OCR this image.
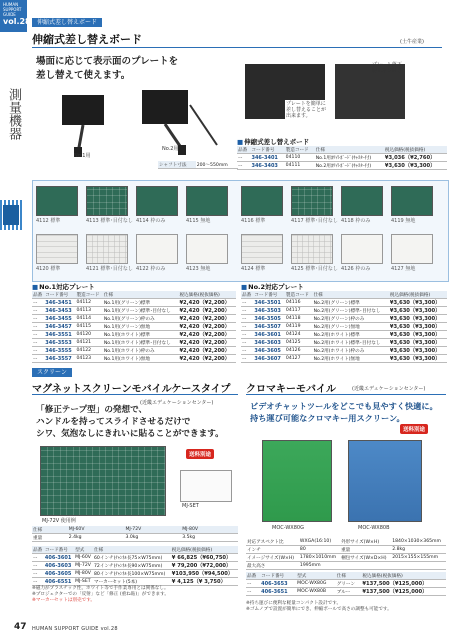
HUMAN
SUPPORT
GUIDE
vol.28
測量機器
伸縮式差し替えボード
伸縮式差し替えボード	(土牛産業)
場面に応じて表示面のプレートを
差し替えて使えます。
No.1用
No.2用
プレート落下
防止ネジ付き
プレートを簡単に
差し替えることが
出来ます。
シャフト寸法	200～550mm
■ 伸縮式差し替えボード
品番	コード番号	製造コード	仕様	税込価格(税抜価格)
ー	346-3401	04110	No.1用ﾎﾜｲﾄﾎﾞｰﾄﾞ(ｷｬｽﾀｰ付)	¥3,036（¥2,760）
ー	346-3403	04111	No.2用ﾎﾜｲﾄﾎﾞｰﾄﾞ(ｷｬｽﾀｰ付)	¥3,630（¥3,300）
4112 標準	4113 標準･目付なし 4114 枠のみ	4115 無地	4116 標準	4117 標準･目付なし 4118 枠のみ	4119 無地
4120 標準	4121 標準･目付なし 4122 枠のみ	4123 無地	4124 標準	4125 標準･目付なし 4126 枠のみ	4127 無地
■ No.1対応プレート
品番	コード番号	製造コード	仕様	税込価格(税抜価格)
ー	346-3451	04112	No.1用(グリーン)標準	¥2,420（¥2,200）
ー	346-3453	04113	No.1用(グリーン)標準･目付なし	¥2,420（¥2,200）
ー	346-3455	04114	No.1用(グリーン)枠のみ	¥2,420（¥2,200）
ー	346-3457	04115	No.1用(グリーン)無地	¥2,420（¥2,200）
ー	346-3551	04120	No.1用(ホワイト)標準	¥2,420（¥2,200）
ー	346-3553	04121	No.1用(ホワイト)標準･目付なし	¥2,420（¥2,200）
ー	346-3555	04122	No.1用(ホワイト)枠のみ	¥2,420（¥2,200）
ー	346-3557	04123	No.1用(ホワイト)無地	¥2,420（¥2,200）
■ No.2対応プレート
品番	コード番号	製造コード	仕様	税込価格(税抜価格)
ー	346-3501	04116	No.2用(グリーン)標準	¥3,630（¥3,300）
ー	346-3503	04117	No.2用(グリーン)標準･目付なし	¥3,630（¥3,300）
ー	346-3505	04118	No.2用(グリーン)枠のみ	¥3,630（¥3,300）
ー	346-3507	04119	No.2用(グリーン)無地	¥3,630（¥3,300）
ー	346-3601	04124	No.2用(ホワイト)標準	¥3,630（¥3,300）
ー	346-3603	04125	No.2用(ホワイト)標準･目付なし	¥3,630（¥3,300）
ー	346-3605	04126	No.2用(ホワイト)枠のみ	¥3,630（¥3,300）
ー	346-3607	04127	No.2用(ホワイト)無地	¥3,630（¥3,300）
スクリーン
マグネットスクリーンモバイルケースタイプ クロマキーモバイル	(近畿エデュケーションセンター)
(近畿エデュケーションセンター)
「修正テープ型」の発想で、
ハンドルを持ってスライドさせるだけで
シワ、気泡なしにきれいに貼ることができます。
MJ-72V 使用例
送料別途
MJ-SET
仕様	MJ-60V	MJ-72V	MJ-80V
重量	2.4kg	3.0kg	3.5kg
品番	コード番号	型式	仕様	税込価格(税抜価格)
ー	406-3601	MJ-60V	60インチ(ﾁｬﾝﾈﾙ長75×W75mm)	¥ 66,825（¥60,750）
ー	406-3603	MJ-72V	72インチ(ﾁｬﾝﾈﾙ長90×W75mm)	¥ 79,200（¥72,000）
ー	406-3605	MJ-80V	80インチ(ﾁｬﾝﾈﾙ長100×W75mm)	¥103,950（¥94,500）
ー	406-6551	MJ-SET	マーカーセット(5本)	¥ 4,125（¥ 3,750）
※磁力がプラスチック性、ホワイト等で手作業専用とは関係なし。
※プロジェクターでの「反射」など「修正 (重ね貼)」ができます。
※マーカーセットは別売です。
ビデオチャットツールをどこでも見やすく快適に。
持ち運び可能なクロマキー用スクリーン。
送料別途
MOC-WX80G	MOC-WX80B
対応アスペクト比	WXGA(16:10)	外形サイズ(W×H)	1840×1030×365mm
インチ	80	重量	2.8kg
イメージサイズ(W×H)	1780×1010mm	梱包サイズ(W×D×H)	2015×155×155mm
最大高さ	1995mm		
品番	コード番号	型式	仕様	税込価格(税抜価格)
ー	406-3653	MOC-WX80G	グリーン	¥137,500（¥125,000）
ー	406-3651	MOC-WX80B	ブルー	¥137,500（¥125,000）
※持ち運びに便利な軽量コンパクト設計です。
※ゴムノブで設置が簡単にでき、伸縮ポールで高さの調整も可能です。
47 HUMAN SUPPORT GUIDE vol.28
